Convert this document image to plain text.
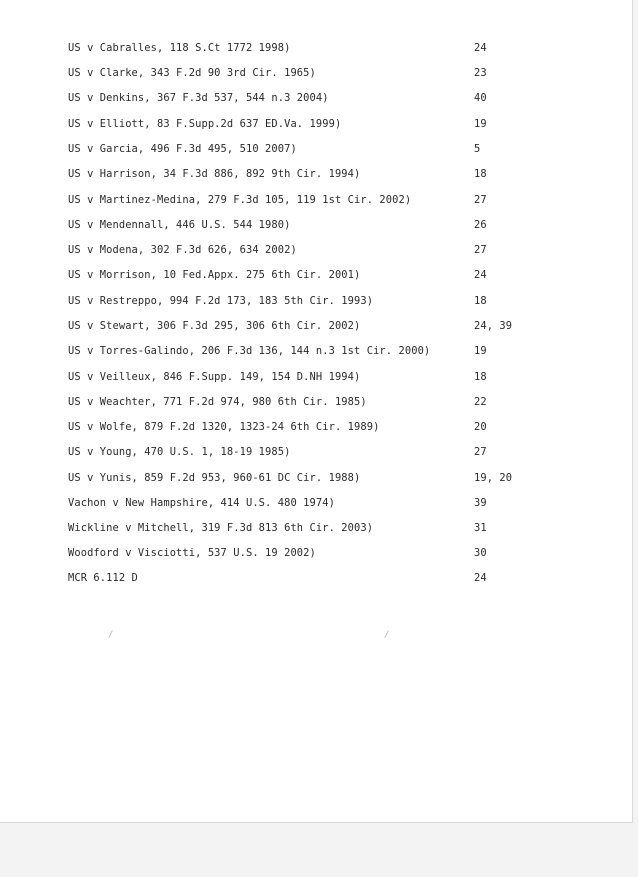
US v Cabralles, 118 S.Ct 1772 1998)	24
US v Clarke, 343 F.2d 90 3rd Cir. 1965)	23
US v Denkins, 367 F.3d 537, 544 n.3 2004)	40
US v Elliott, 83 F.Supp.2d 637 ED.Va. 1999)	19
US v Garcia, 496 F.3d 495, 510 2007)	5
US v Harrison, 34 F.3d 886, 892 9th Cir. 1994)	18
US v Martinez-Medina, 279 F.3d 105, 119 1st Cir. 2002)	27
US v Mendennall, 446 U.S. 544 1980)	26
US v Modena, 302 F.3d 626, 634 2002)	27
US v Morrison, 10 Fed.Appx. 275 6th Cir. 2001)	24
US v Restreppo, 994 F.2d 173, 183 5th Cir. 1993)	18
US v Stewart, 306 F.3d 295, 306 6th Cir. 2002)	24, 39
US v Torres-Galindo, 206 F.3d 136, 144 n.3 1st Cir. 2000)	19
US v Veilleux, 846 F.Supp. 149, 154 D.NH 1994)	18
US v Weachter, 771 F.2d 974, 980 6th Cir. 1985)	22
US v Wolfe, 879 F.2d 1320, 1323-24 6th Cir. 1989)	20
US v Young, 470 U.S. 1, 18-19 1985)	27
US v Yunis, 859 F.2d 953, 960-61 DC Cir. 1988)	19, 20
Vachon v New Hampshire, 414 U.S. 480 1974)	39
Wickline v Mitchell, 319 F.3d 813 6th Cir. 2003)	31
Woodford v Visciotti, 537 U.S. 19 2002)	30
MCR 6.112 D	24
/	/
